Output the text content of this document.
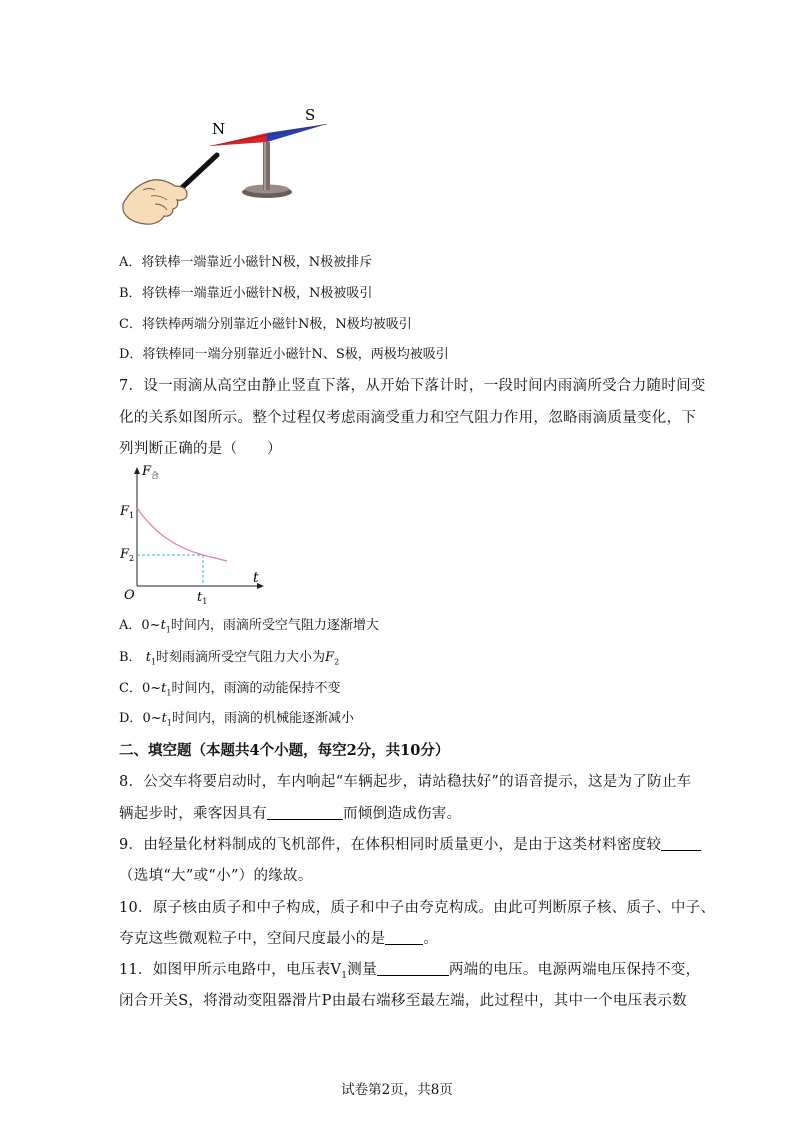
N
S
A．将铁棒一端靠近小磁针N极，N极被排斥
B．将铁棒一端靠近小磁针N极，N极被吸引
C．将铁棒两端分别靠近小磁针N极，N极均被吸引
D．将铁棒同一端分别靠近小磁针N、S极，两极均被吸引
7．设一雨滴从高空由静止竖直下落，从开始下落计时，一段时间内雨滴所受合力随时间变
化的关系如图所示。整个过程仅考虑雨滴受重力和空气阻力作用，忽略雨滴质量变化，下
列判断正确的是（　　）
$F_合$
$F_1$
$F_2$
O	$t_1$
t
A．$0\sim t_1$时间内，雨滴所受空气阻力逐渐增大
B． $t_1$时刻雨滴所受空气阻力大小为$F_2$
C．$0\sim t_1$时间内，雨滴的动能保持不变
D．$0\sim t_1$时间内，雨滴的机械能逐渐减小
二、填空题（本题共4个小题，每空2分，共10分）
8．公交车将要启动时，车内响起“车辆起步，请站稳扶好”的语音提示，这是为了防止车
辆起步时，乘客因具有	而倾倒造成伤害。
9．由轻量化材料制成的飞机部件，在体积相同时质量更小，是由于这类材料密度较
（选填“大”或“小”）的缘故。
10．原子核由质子和中子构成，质子和中子由夸克构成。由此可判断原子核、质子、中子、
夸克这些微观粒子中，空间尺度最小的是	。
11．如图甲所示电路中，电压表$V_1$测量	两端的电压。电源两端电压保持不变，
闭合开关S，将滑动变阻器滑片P由最右端移至最左端，此过程中，其中一个电压表示数
试卷第2页，共8页
